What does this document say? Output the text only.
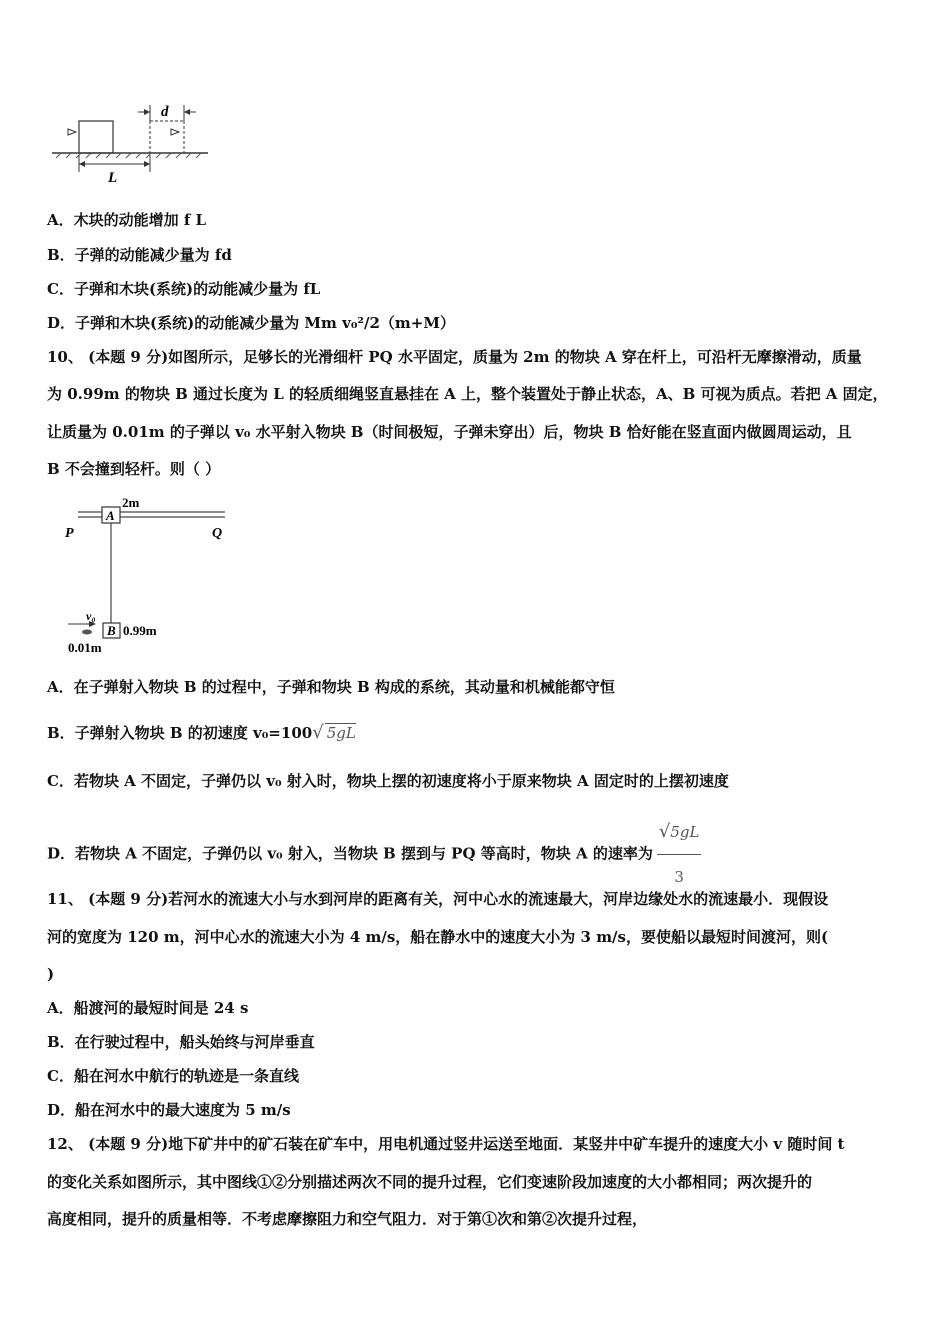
d
L
A．木块的动能增加 f L
B．子弹的动能减少量为 fd
C．子弹和木块(系统)的动能减少量为 fL
D．子弹和木块(系统)的动能减少量为 Mm v₀²/2（m+M）
10、 (本题 9 分)如图所示，足够长的光滑细杆 PQ 水平固定，质量为 2m 的物块 A 穿在杆上，可沿杆无摩擦滑动，质量
为 0.99m 的物块 B 通过长度为 L 的轻质细绳竖直悬挂在 A 上，整个装置处于静止状态，A、B 可视为质点。若把 A 固定，
让质量为 0.01m 的子弹以 v₀ 水平射入物块 B（时间极短，子弹未穿出）后，物块 B 恰好能在竖直面内做圆周运动，且
B 不会撞到轻杆。则（ ）
A
2m
P	Q
B 0.99m
v₀
0.01m
A．在子弹射入物块 B 的过程中，子弹和物块 B 构成的系统，其动量和机械能都守恒
B．子弹射入物块 B 的初速度 v₀=100√ 5gL
C．若物块 A 不固定，子弹仍以 v₀ 射入时，物块上摆的初速度将小于原来物块 A 固定时的上摆初速度
D．若物块 A 不固定，子弹仍以 v₀ 射入，当物块 B 摆到与 PQ 等高时，物块 A 的速率为 $\frac{√5gL}{3}$
11、 (本题 9 分)若河水的流速大小与水到河岸的距离有关，河中心水的流速最大，河岸边缘处水的流速最小．现假设
河的宽度为 120 m，河中心水的流速大小为 4 m/s，船在静水中的速度大小为 3 m/s，要使船以最短时间渡河，则(
)
A．船渡河的最短时间是 24 s
B．在行驶过程中，船头始终与河岸垂直
C．船在河水中航行的轨迹是一条直线
D．船在河水中的最大速度为 5 m/s
12、 (本题 9 分)地下矿井中的矿石装在矿车中，用电机通过竖井运送至地面．某竖井中矿车提升的速度大小 v 随时间 t
的变化关系如图所示，其中图线①②分别描述两次不同的提升过程，它们变速阶段加速度的大小都相同；两次提升的
高度相同，提升的质量相等．不考虑摩擦阻力和空气阻力．对于第①次和第②次提升过程，
